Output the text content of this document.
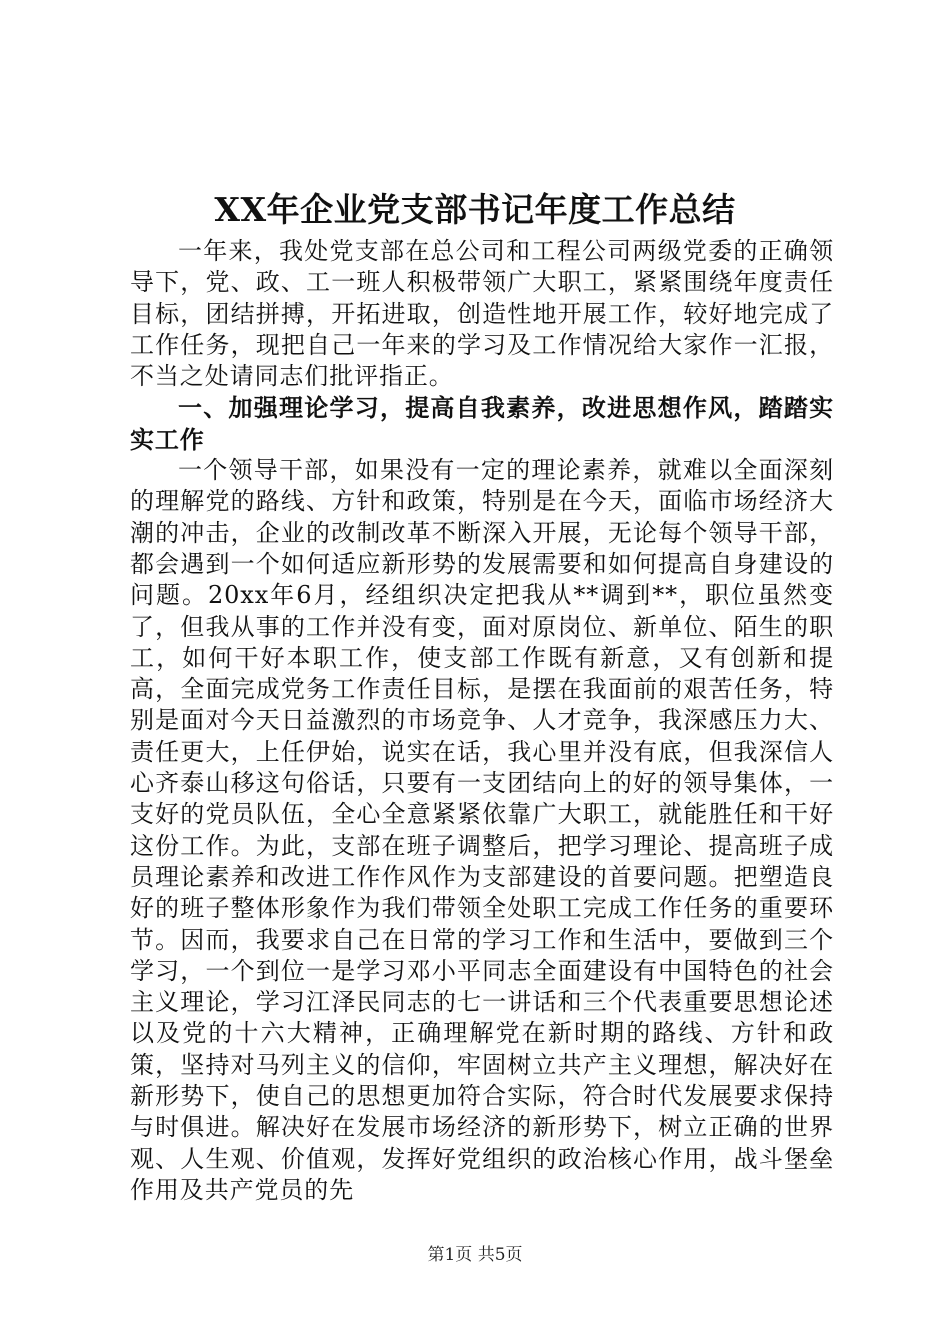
XX年企业党支部书记年度工作总结

一年来，我处党支部在总公司和工程公司两级党委的正确领导下，党、政、工一班人积极带领广大职工，紧紧围绕年度责任目标，团结拼搏，开拓进取，创造性地开展工作，较好地完成了工作任务，现把自己一年来的学习及工作情况给大家作一汇报，不当之处请同志们批评指正。

一、加强理论学习，提高自我素养，改进思想作风，踏踏实实工作

一个领导干部，如果没有一定的理论素养，就难以全面深刻的理解党的路线、方针和政策，特别是在今天，面临市场经济大潮的冲击，企业的改制改革不断深入开展，无论每个领导干部，都会遇到一个如何适应新形势的发展需要和如何提高自身建设的问题。20xx年6月，经组织决定把我从**调到**，职位虽然变了，但我从事的工作并没有变，面对原岗位、新单位、陌生的职工，如何干好本职工作，使支部工作既有新意，又有创新和提高，全面完成党务工作责任目标，是摆在我面前的艰苦任务，特别是面对今天日益激烈的市场竞争、人才竞争，我深感压力大、责任更大，上任伊始，说实在话，我心里并没有底，但我深信人心齐泰山移这句俗话，只要有一支团结向上的好的领导集体，一支好的党员队伍，全心全意紧紧依靠广大职工，就能胜任和干好这份工作。为此，支部在班子调整后，把学习理论、提高班子成员理论素养和改进工作作风作为支部建设的首要问题。把塑造良好的班子整体形象作为我们带领全处职工完成工作任务的重要环节。因而，我要求自己在日常的学习工作和生活中，要做到三个学习，一个到位一是学习邓小平同志全面建设有中国特色的社会主义理论，学习江泽民同志的七一讲话和三个代表重要思想论述以及党的十六大精神，正确理解党在新时期的路线、方针和政策，坚持对马列主义的信仰，牢固树立共产主义理想，解决好在新形势下，使自己的思想更加符合实际，符合时代发展要求保持与时俱进。解决好在发展市场经济的新形势下，树立正确的世界观、人生观、价值观，发挥好党组织的政治核心作用，战斗堡垒作用及共产党员的先

第1页 共5页
